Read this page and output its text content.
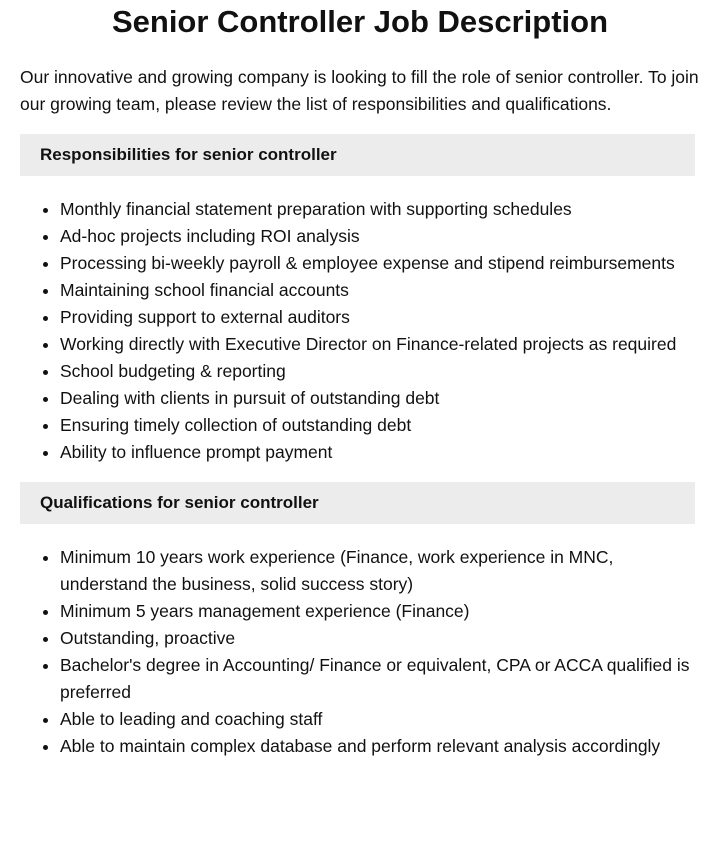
Senior Controller Job Description

Our innovative and growing company is looking to fill the role of senior controller. To join our growing team, please review the list of responsibilities and qualifications.

Responsibilities for senior controller
• Monthly financial statement preparation with supporting schedules
• Ad-hoc projects including ROI analysis
• Processing bi-weekly payroll & employee expense and stipend reimbursements
• Maintaining school financial accounts
• Providing support to external auditors
• Working directly with Executive Director on Finance-related projects as required
• School budgeting & reporting
• Dealing with clients in pursuit of outstanding debt
• Ensuring timely collection of outstanding debt
• Ability to influence prompt payment
Qualifications for senior controller
• Minimum 10 years work experience (Finance, work experience in MNC, understand the business, solid success story)
• Minimum 5 years management experience (Finance)
• Outstanding, proactive
• Bachelor's degree in Accounting/ Finance or equivalent, CPA or ACCA qualified is preferred
• Able to leading and coaching staff
• Able to maintain complex database and perform relevant analysis accordingly
